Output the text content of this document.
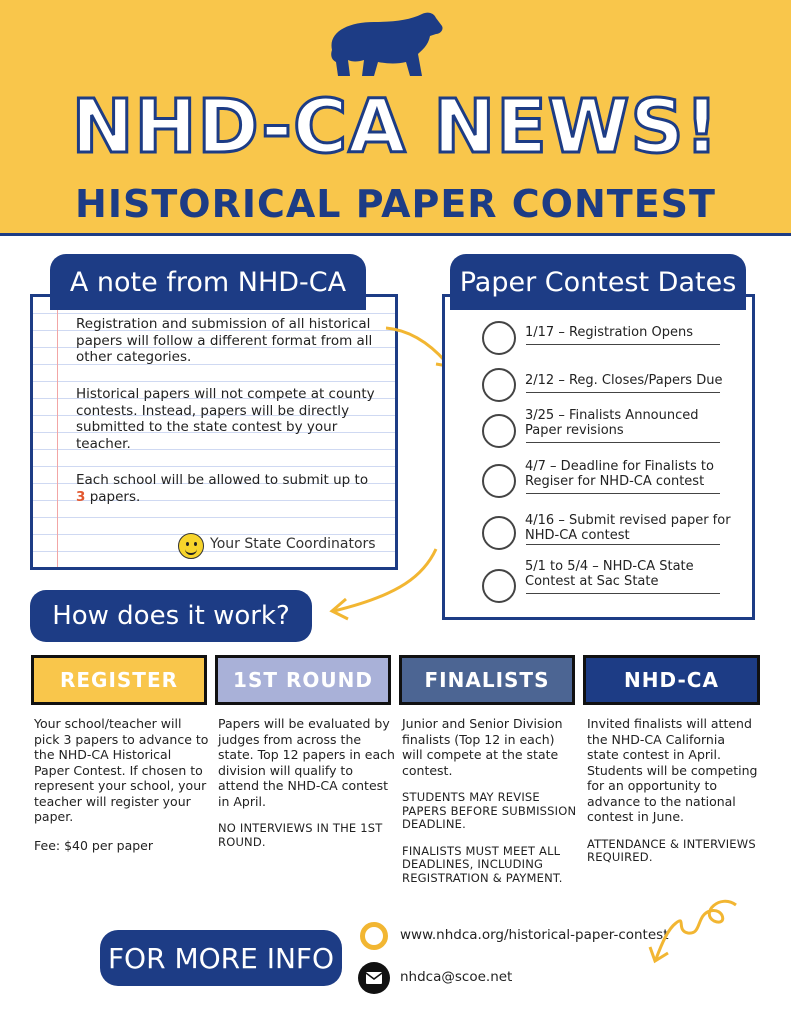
NHD-CA NEWS!
HISTORICAL PAPER CONTEST
A note from NHD-CA
Registration and submission of all historical papers will follow a different format from all other categories.
Historical papers will not compete at county contests. Instead, papers will be directly submitted to the state contest by your teacher.
Each school will be allowed to submit up to
3 papers.
Your State Coordinators
Paper Contest Dates
1/17 – Registration Opens
2/12 – Reg. Closes/Papers Due
3/25 – Finalists Announced
Paper revisions
4/7 – Deadline for Finalists to
Regiser for NHD-CA contest
4/16 – Submit revised paper for
NHD-CA contest
5/1 to 5/4 – NHD-CA State
Contest at Sac State
How does it work?
REGISTER	1ST ROUND	FINALISTS	NHD-CA

Your school/teacher will
pick 3 papers to advance to
the NHD-CA Historical
Paper Contest. If chosen to
represent your school, your
teacher will register your
paper.

Fee: $40 per paper

Papers will be evaluated by
judges from across the
state. Top 12 papers in each
division will qualify to
attend the NHD-CA contest
in April.

NO INTERVIEWS IN THE 1ST
ROUND.

Junior and Senior Division
finalists (Top 12 in each)
will compete at the state
contest.

STUDENTS MAY REVISE
PAPERS BEFORE SUBMISSION
DEADLINE.

FINALISTS MUST MEET ALL
DEADLINES, INCLUDING
REGISTRATION & PAYMENT.

Invited finalists will attend
the NHD-CA California
state contest in April.
Students will be competing
for an opportunity to
advance to the national
contest in June.

ATTENDANCE & INTERVIEWS
REQUIRED.

FOR MORE INFO
www.nhdca.org/historical-paper-contest
nhdca@scoe.net
